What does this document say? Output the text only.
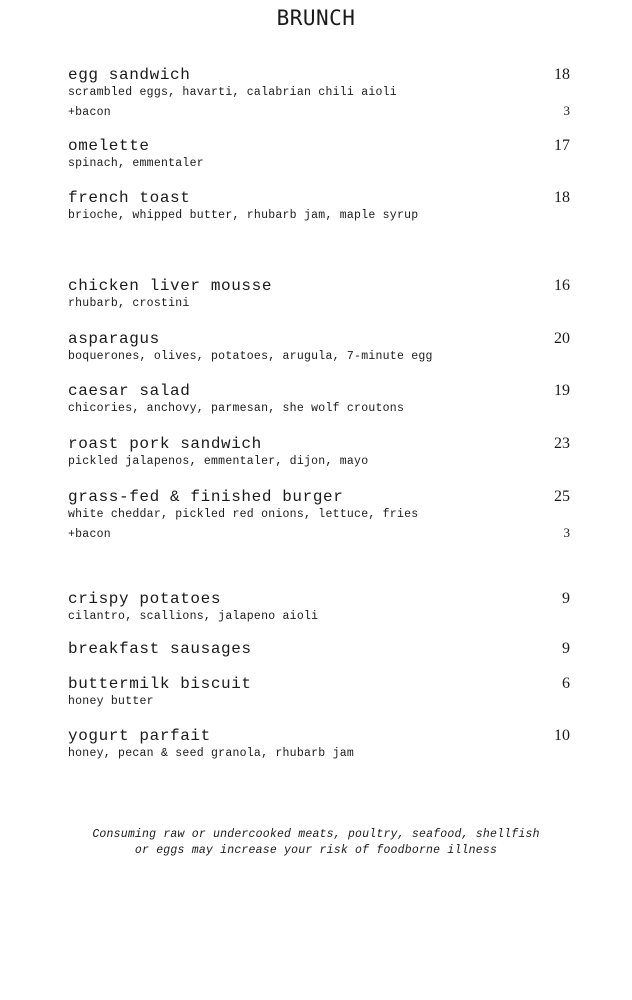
BRUNCH
egg sandwich	18
scrambled eggs, havarti, calabrian chili aioli
+bacon	3
omelette	17
spinach, emmentaler
french toast	18
brioche, whipped butter, rhubarb jam, maple syrup
chicken liver mousse	16
rhubarb, crostini
asparagus	20
boquerones, olives, potatoes, arugula, 7-minute egg
caesar salad	19
chicories, anchovy, parmesan, she wolf croutons
roast pork sandwich	23
pickled jalapenos, emmentaler, dijon, mayo
grass-fed & finished burger	25
white cheddar, pickled red onions, lettuce, fries
+bacon	3
crispy potatoes	9
cilantro, scallions, jalapeno aioli
breakfast sausages	9
buttermilk biscuit	6
honey butter
yogurt parfait	10
honey, pecan & seed granola, rhubarb jam
Consuming raw or undercooked meats, poultry, seafood, shellfish
or eggs may increase your risk of foodborne illness
